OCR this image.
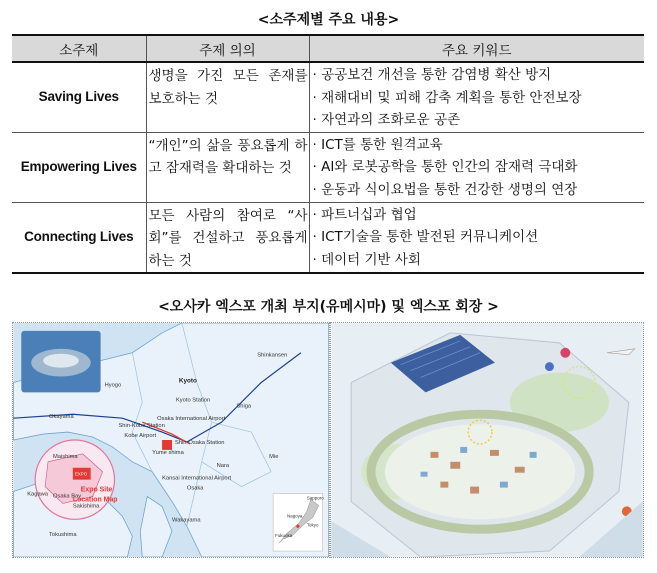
<소주제별 주요 내용>
소주제	주제 의의	주요 키워드
Saving Lives	생명을 가진 모든 존재를 보호하는 것	· 공공보건 개선을 통한 감염병 확산 방지
· 재해대비 및 피해 감축 계획을 통한 안전보장
· 자연과의 조화로운 공존

Empowering Lives	“개인”의 삶을 풍요롭게 하고 잠재력을 확대하는 것	· ICT를 통한 원격교육
· AI와 로봇공학을 통한 인간의 잠재력 극대화
· 운동과 식이요법을 통한 건강한 생명의 연장

Connecting Lives	모든 사람의 참여로 “사회”를 건설하고 풍요롭게 하는 것	· 파트너십과 협업
· ICT기술을 통한 발전된 커뮤니케이션
· 데이터 기반 사회
<오사카 엑스포 개최 부지(유메시마) 및 엑스포 회장 >
EXPO
Shinkansen
Hyogo
Kyoto
Kyoto Station
Osaka International Airport
Shin-Kobe Station
Kobe Airport
Shin-Osaka Station
Yume shima
Kansai International Airport
Okayama
Maishima
Sakishima
Osaka Bay
Kagawa
Tokushima
Wakayama
Shiga
Mie
Nara
Osaka
Expo Site
Location Map	Sapporo
Nagoya
Fukuoka
Tokyo
